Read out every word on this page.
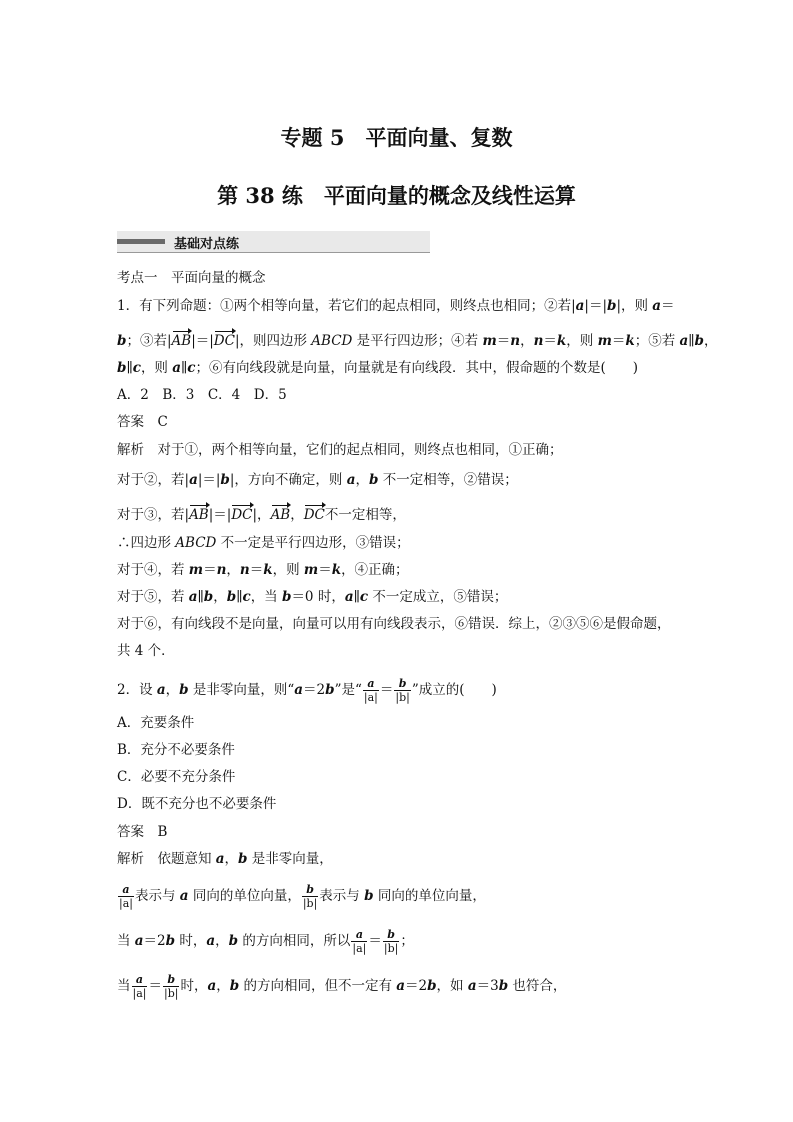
专题 5　平面向量、复数
第 38 练　平面向量的概念及线性运算
基础对点练
考点一　平面向量的概念
1．有下列命题：①两个相等向量，若它们的起点相同，则终点也相同；②若|a|＝|b|，则 a＝
b；③若|AB|＝|DC|，则四边形 ABCD 是平行四边形；④若 m＝n，n＝k，则 m＝k；⑤若 a∥b，
b∥c，则 a∥c；⑥有向线段就是向量，向量就是有向线段．其中，假命题的个数是(　　)
A．2　B．3　C．4　D．5
答案　C
解析　对于①，两个相等向量，它们的起点相同，则终点也相同，①正确；
对于②，若|a|＝|b|，方向不确定，则 a，b 不一定相等，②错误；
对于③，若|AB|＝|DC|，AB，DC不一定相等，
∴四边形 ABCD 不一定是平行四边形，③错误；
对于④，若 m＝n，n＝k，则 m＝k，④正确；
对于⑤，若 a∥b，b∥c，当 b＝0 时，a∥c 不一定成立，⑤错误；
对于⑥，有向线段不是向量，向量可以用有向线段表示，⑥错误．综上，②③⑤⑥是假命题，
共 4 个．
2．设 a，b 是非零向量，则“a＝2b”是“ $\frac{a}{|a|} = \frac{b}{|b|}$ ”成立的(　　)
A．充要条件
B．充分不必要条件
C．必要不充分条件
D．既不充分也不必要条件
答案　B
解析　依题意知 a，b 是非零向量，
$\frac{a}{|a|}$ 表示与 a 同向的单位向量， $\frac{b}{|b|}$ 表示与 b 同向的单位向量，
当 a＝2b 时，a，b 的方向相同，所以 $\frac{a}{|a|} = \frac{b}{|b|}$ ；
当 $\frac{a}{|a|} = \frac{b}{|b|}$ 时，a，b 的方向相同，但不一定有 a＝2b，如 a＝3b 也符合，
